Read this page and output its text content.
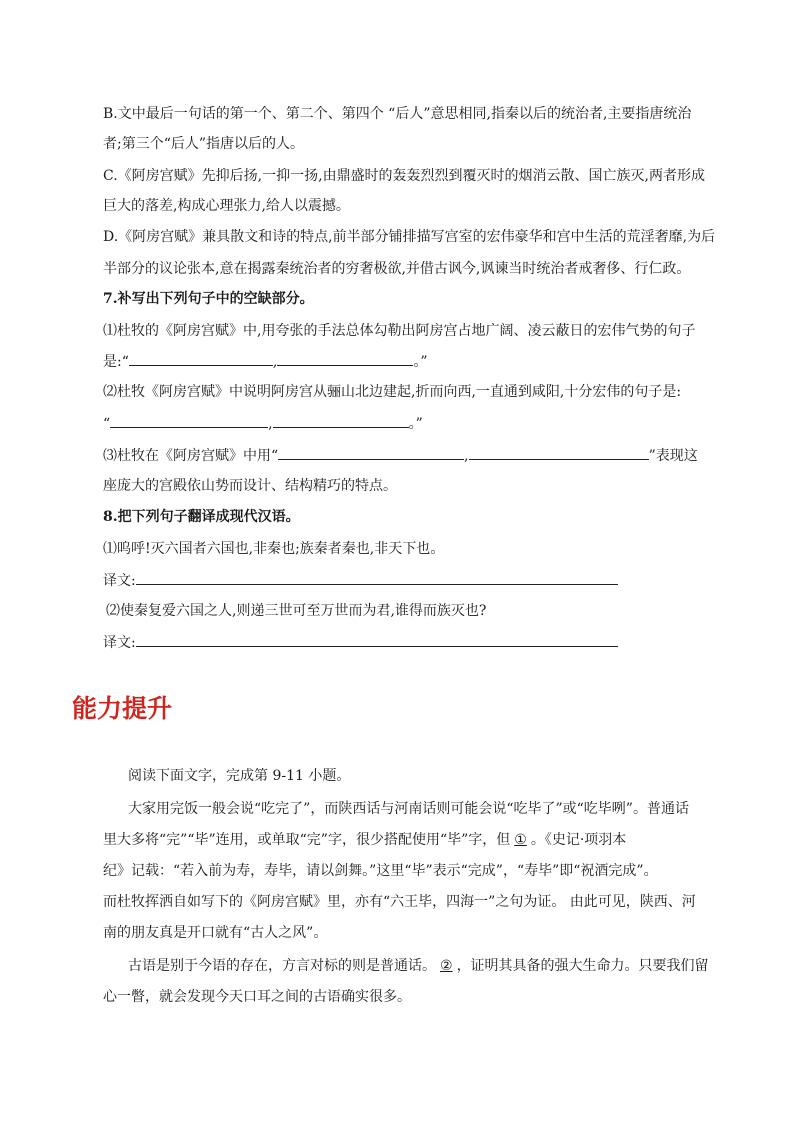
B.文中最后一句话的第一个、第二个、第四个 “后人”意思相同,指秦以后的统治者,主要指唐统治
者;第三个“后人”指唐以后的人。
C.《阿房宫赋》先抑后扬,一抑一扬,由鼎盛时的轰轰烈烈到覆灭时的烟消云散、国亡族灭,两者形成
巨大的落差,构成心理张力,给人以震撼。
D.《阿房宫赋》兼具散文和诗的特点,前半部分铺排描写宫室的宏伟豪华和宫中生活的荒淫奢靡,为后
半部分的议论张本,意在揭露秦统治者的穷奢极欲,并借古讽今,讽谏当时统治者戒奢侈、行仁政。
7.补写出下列句子中的空缺部分。
⑴杜牧的《阿房宫赋》中,用夸张的手法总体勾勒出阿房宫占地广阔、凌云蔽日的宏伟气势的句子
是:“	,	。”
⑵杜牧《阿房宫赋》中说明阿房宫从骊山北边建起,折而向西,一直通到咸阳,十分宏伟的句子是:
“	,	。”
⑶杜牧在《阿房宫赋》中用“	,	”表现这
座庞大的宫殿依山势而设计、结构精巧的特点。
8.把下列句子翻译成现代汉语。
⑴呜呼!灭六国者六国也,非秦也;族秦者秦也,非天下也。
译文:
⑵使秦复爱六国之人,则递三世可至万世而为君,谁得而族灭也?
译文:
能力提升
阅读下面文字，完成第 9-11 小题。
大家用完饭一般会说“吃完了”，而陕西话与河南话则可能会说“吃毕了”或“吃毕咧”。普通话
里大多将“完”“毕”连用，或单取“完”字，很少搭配使用“毕”字，但 ① 。《史记·项羽本
纪》记载：“若入前为寿，寿毕，请以剑舞。”这里“毕”表示“完成”，“寿毕”即“祝酒完成”。
而杜牧挥洒自如写下的《阿房宫赋》里，亦有“六王毕，四海一”之句为证。 由此可见，陕西、河
南的朋友真是开口就有“古人之风”。
古语是别于今语的存在，方言对标的则是普通话。 ② ，证明其具备的强大生命力。只要我们留
心一瞥，就会发现今天口耳之间的古语确实很多。
